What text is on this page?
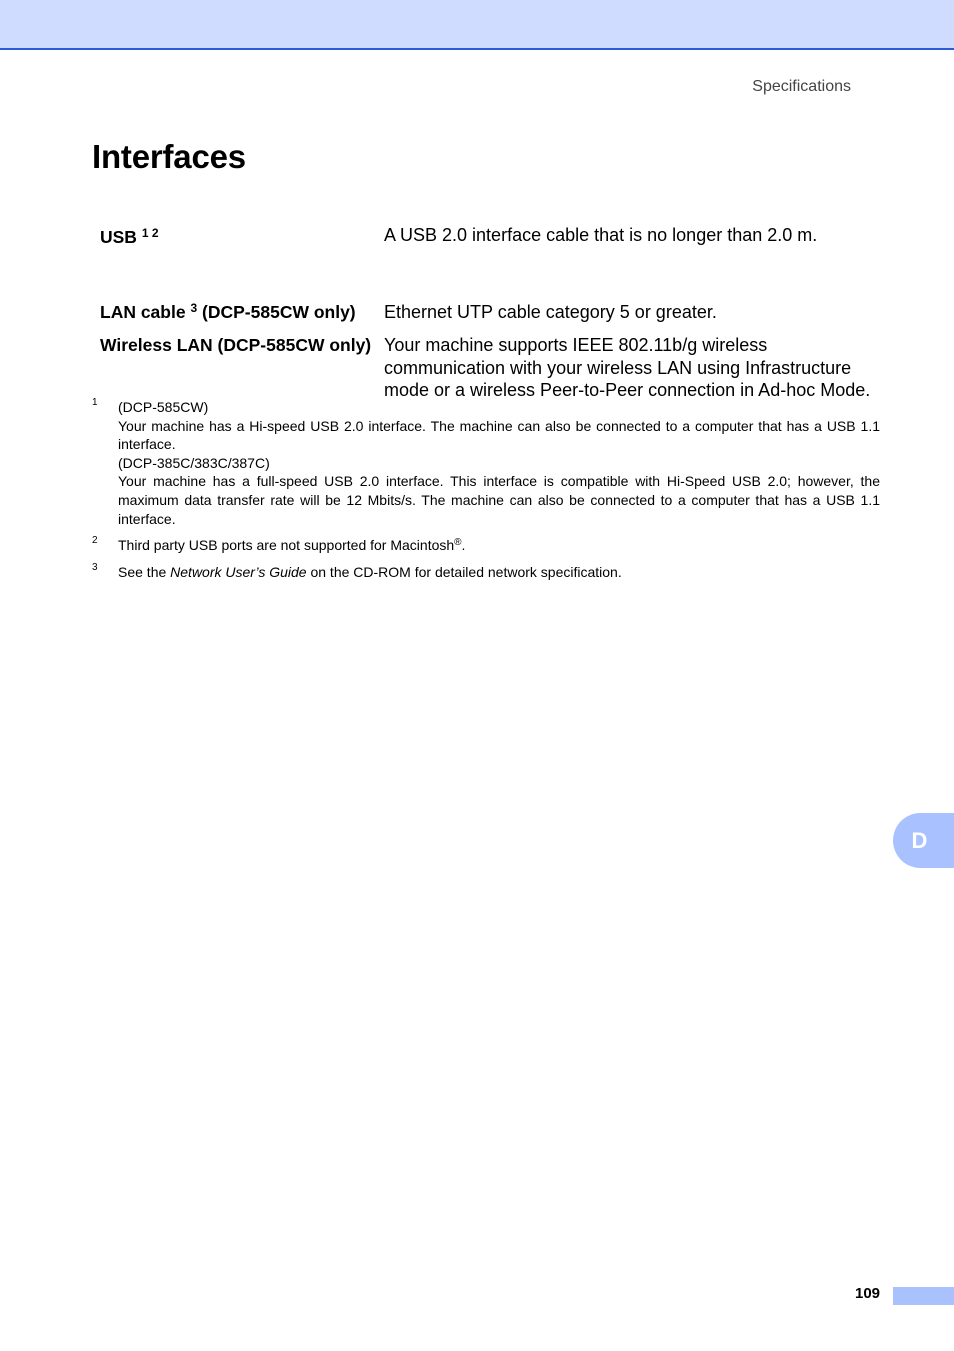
Specifications
Interfaces
USB $^{1 2}$	A USB 2.0 interface cable that is no longer than 2.0 m.
LAN cable $^3$ (DCP-585CW only)	Ethernet UTP cable category 5 or greater.
Wireless LAN (DCP-585CW only)	Your machine supports IEEE 802.11b/g wireless communication with your wireless LAN using Infrastructure mode or a wireless Peer-to-Peer connection in Ad-hoc Mode.
1 (DCP-585CW)

Your machine has a Hi-speed USB 2.0 interface. The machine can also be connected to a computer that has a USB 1.1 interface.

(DCP-385C/383C/387C)

Your machine has a full-speed USB 2.0 interface. This interface is compatible with Hi-Speed USB 2.0; however, the maximum data transfer rate will be 12 Mbits/s. The machine can also be connected to a computer that has a USB 1.1 interface.

2 Third party USB ports are not supported for Macintosh®.

3 See the Network User’s Guide on the CD-ROM for detailed network specification.

D
109
